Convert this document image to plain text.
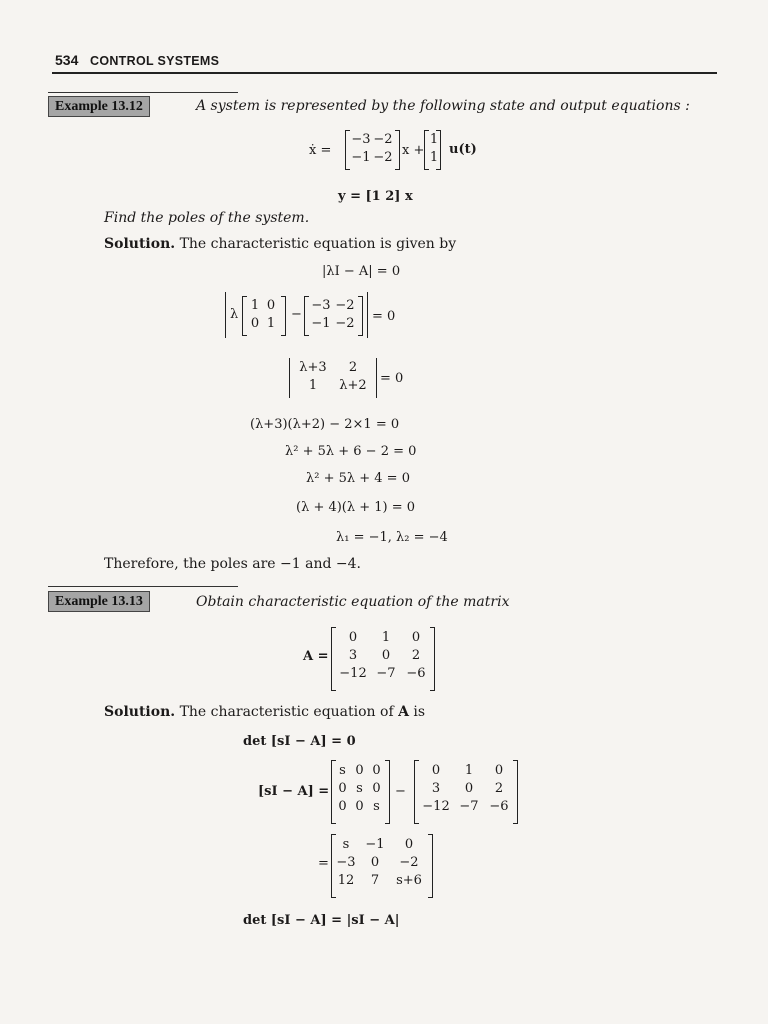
534 CONTROL SYSTEMS
Example 13.12	A system is represented by the following state and output equations :
ẋ =
−3 −2
−1 −2 x +
1
1
u(t)
y = [1 2] x
Find the poles of the system.
Solution. The characteristic equation is given by
|λI − A| = 0
λ
1 0
0 1
−
−3 −2
−1 −2 = 0
λ+3	2
1	λ+2	= 0
(λ+3)(λ+2) − 2×1 = 0
λ² + 5λ + 6 − 2 = 0
λ² + 5λ + 4 = 0
(λ + 4)(λ + 1) = 0
λ₁ = −1, λ₂ = −4
Therefore, the poles are −1 and −4.
Example 13.13	Obtain characteristic equation of the matrix
A =
0	1	0
3	0	2
−12 −7 −6
Solution. The characteristic equation of A is
det [sI − A] = 0
[sI − A] =
s 0 0
0 s 0
0 0 s
−
0	1	0
3	0	2
−12 −7 −6
=
s	−1	0
−3	0	−2
12	7	s+6
det [sI − A] = |sI − A|
